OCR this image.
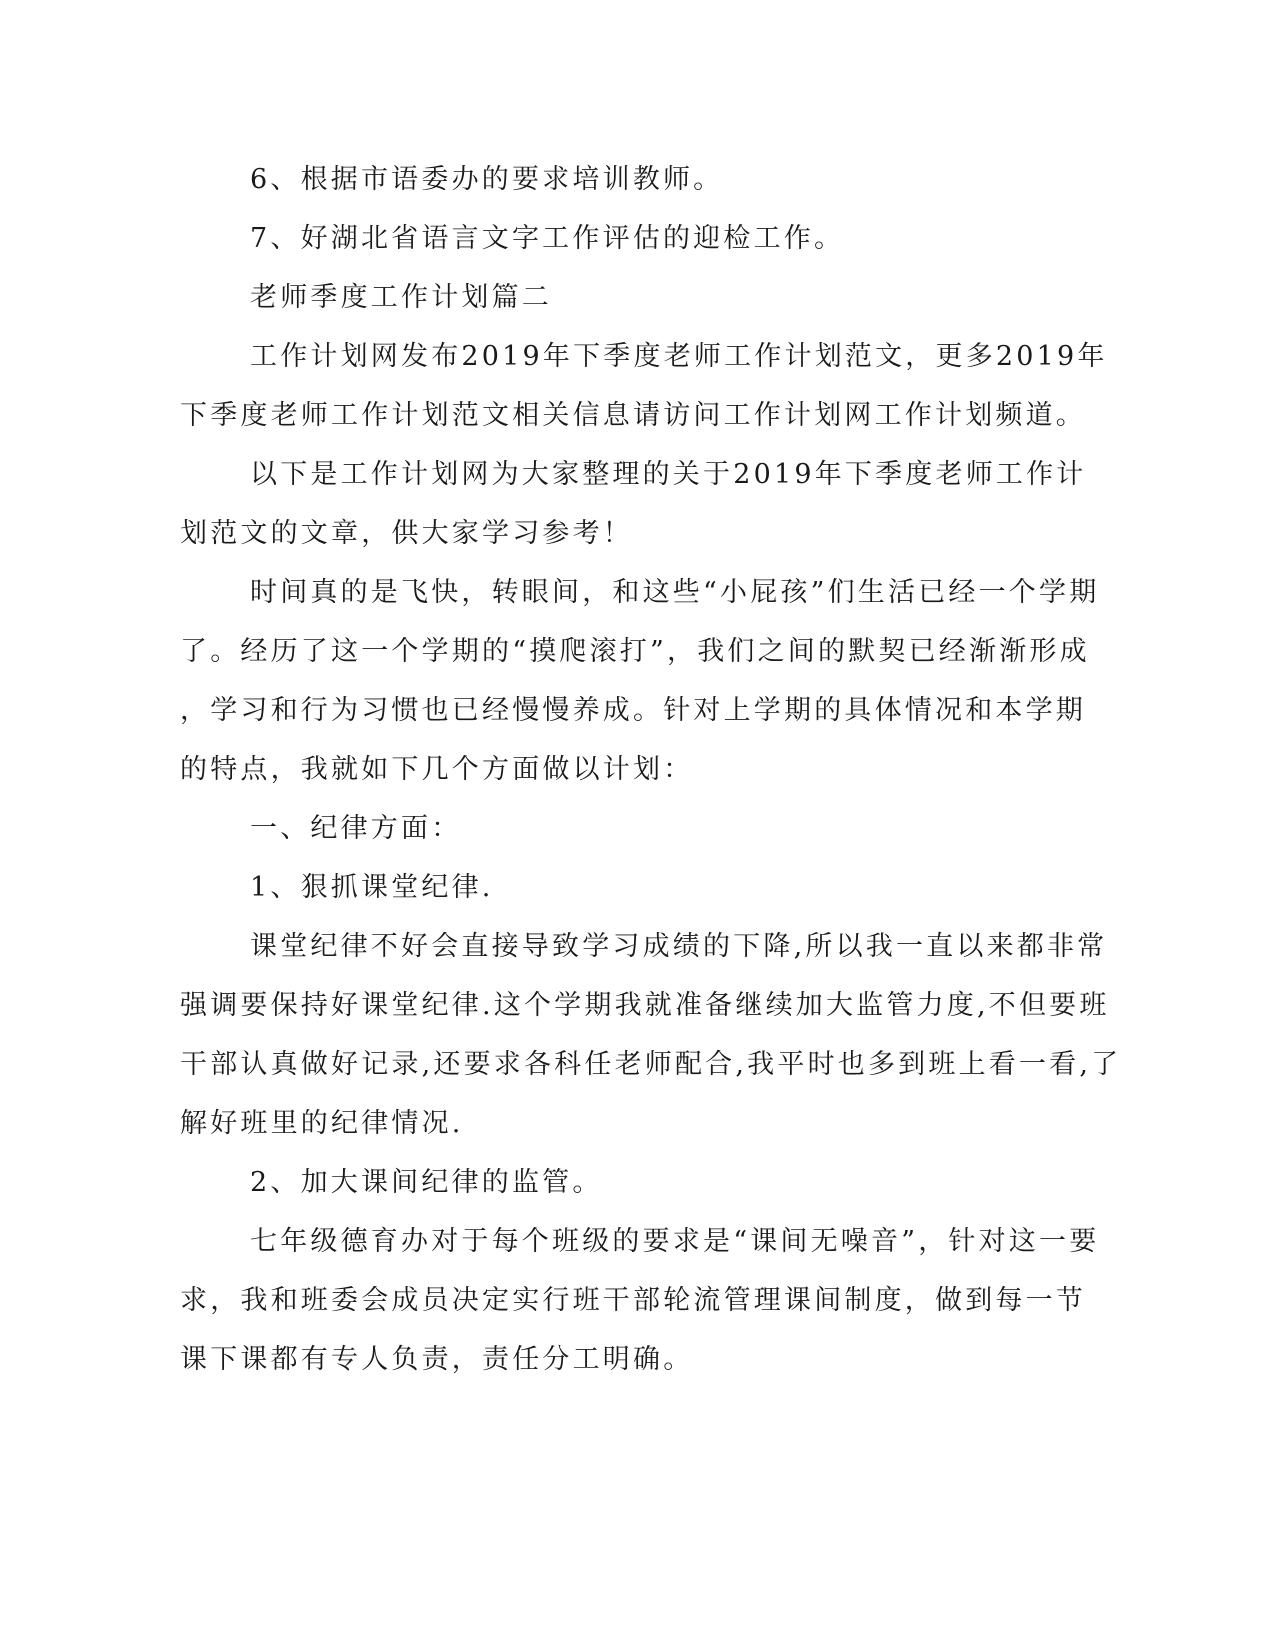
6、根据市语委办的要求培训教师。

7、好湖北省语言文字工作评估的迎检工作。

老师季度工作计划篇二

工作计划网发布2019年下季度老师工作计划范文，更多2019年

下季度老师工作计划范文相关信息请访问工作计划网工作计划频道。

以下是工作计划网为大家整理的关于2019年下季度老师工作计

划范文的文章，供大家学习参考！

时间真的是飞快，转眼间，和这些“小屁孩”们生活已经一个学期

了。经历了这一个学期的“摸爬滚打”，我们之间的默契已经渐渐形成

，学习和行为习惯也已经慢慢养成。针对上学期的具体情况和本学期

的特点，我就如下几个方面做以计划：

一、纪律方面：

1、狠抓课堂纪律.

课堂纪律不好会直接导致学习成绩的下降,所以我一直以来都非常

强调要保持好课堂纪律.这个学期我就准备继续加大监管力度,不但要班

干部认真做好记录,还要求各科任老师配合,我平时也多到班上看一看,了

解好班里的纪律情况.

2、加大课间纪律的监管。

七年级德育办对于每个班级的要求是“课间无噪音”，针对这一要

求，我和班委会成员决定实行班干部轮流管理课间制度，做到每一节

课下课都有专人负责，责任分工明确。
